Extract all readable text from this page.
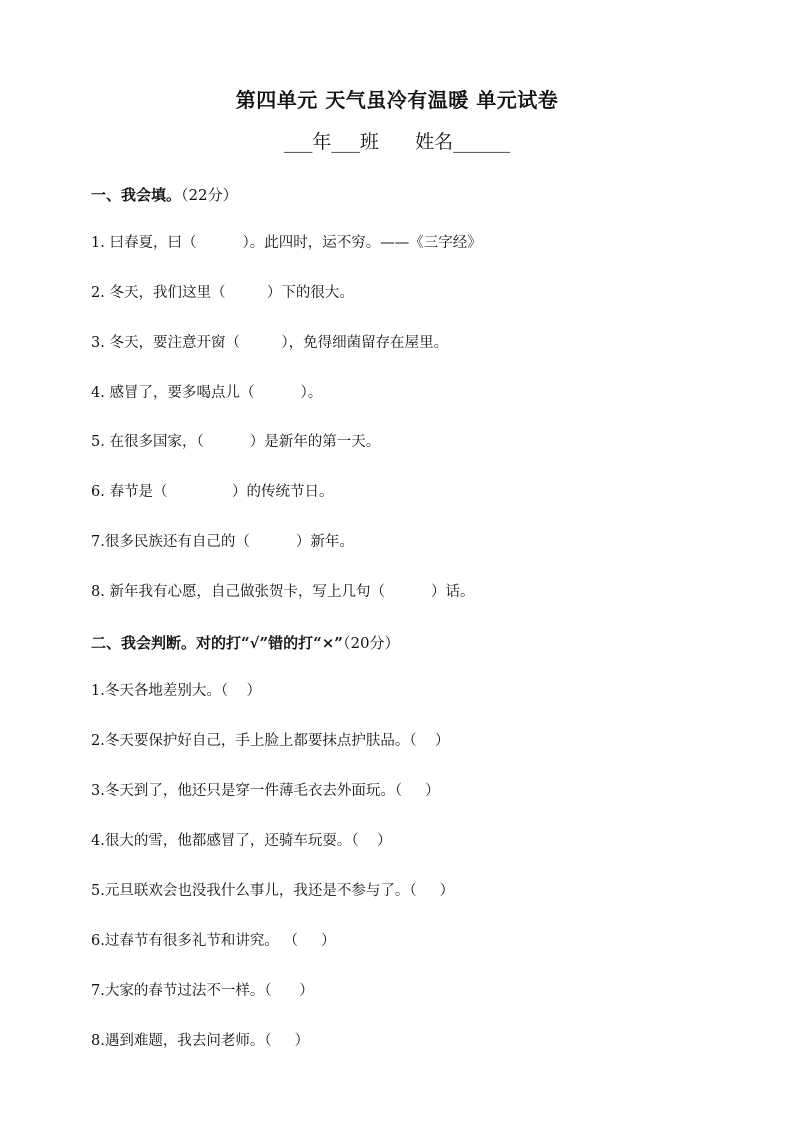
第四单元 天气虽冷有温暖 单元试卷
___年___班      姓名______
一、我会填。（22分）
1. 曰春夏，曰（          ）。此四时，运不穷。——《三字经》
2. 冬天，我们这里（         ）下的很大。
3. 冬天，要注意开窗（         ），免得细菌留存在屋里。
4. 感冒了，要多喝点儿（          ）。
5. 在很多国家，（          ）是新年的第一天。
6. 春节是（              ）的传统节日。
7.很多民族还有自己的（          ）新年。
8. 新年我有心愿，自己做张贺卡，写上几句（          ）话。
二、我会判断。对的打“√”错的打“×”（20分）
1.冬天各地差别大。（    ）
2.冬天要保护好自己，手上脸上都要抹点护肤品。（    ）
3.冬天到了，他还只是穿一件薄毛衣去外面玩。（     ）
4.很大的雪，他都感冒了，还骑车玩耍。（    ）
5.元旦联欢会也没我什么事儿，我还是不参与了。（     ）
6.过春节有很多礼节和讲究。 （     ）
7.大家的春节过法不一样。（      ）
8.遇到难题，我去问老师。（     ）
